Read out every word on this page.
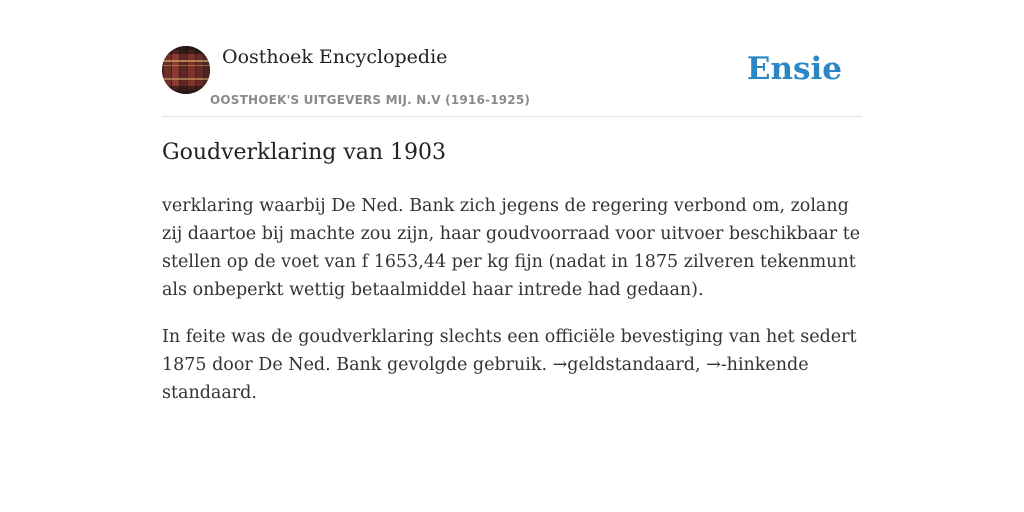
Oosthoek Encyclopedie
OOSTHOEK'S UITGEVERS MIJ. N.V (1916-1925)
Ensie
Goudverklaring van 1903

verklaring waarbij De Ned. Bank zich jegens de regering verbond om, zolang zij daartoe bij machte zou zijn, haar goudvoorraad voor uitvoer beschikbaar te stellen op de voet van f 1653,44 per kg fijn (nadat in 1875 zilveren tekenmunt als onbeperkt wettig betaalmiddel haar intrede had gedaan).

In feite was de goudverklaring slechts een officiële bevestiging van het sedert 1875 door De Ned. Bank gevolgde gebruik. →geldstandaard, →-hinkende standaard.
